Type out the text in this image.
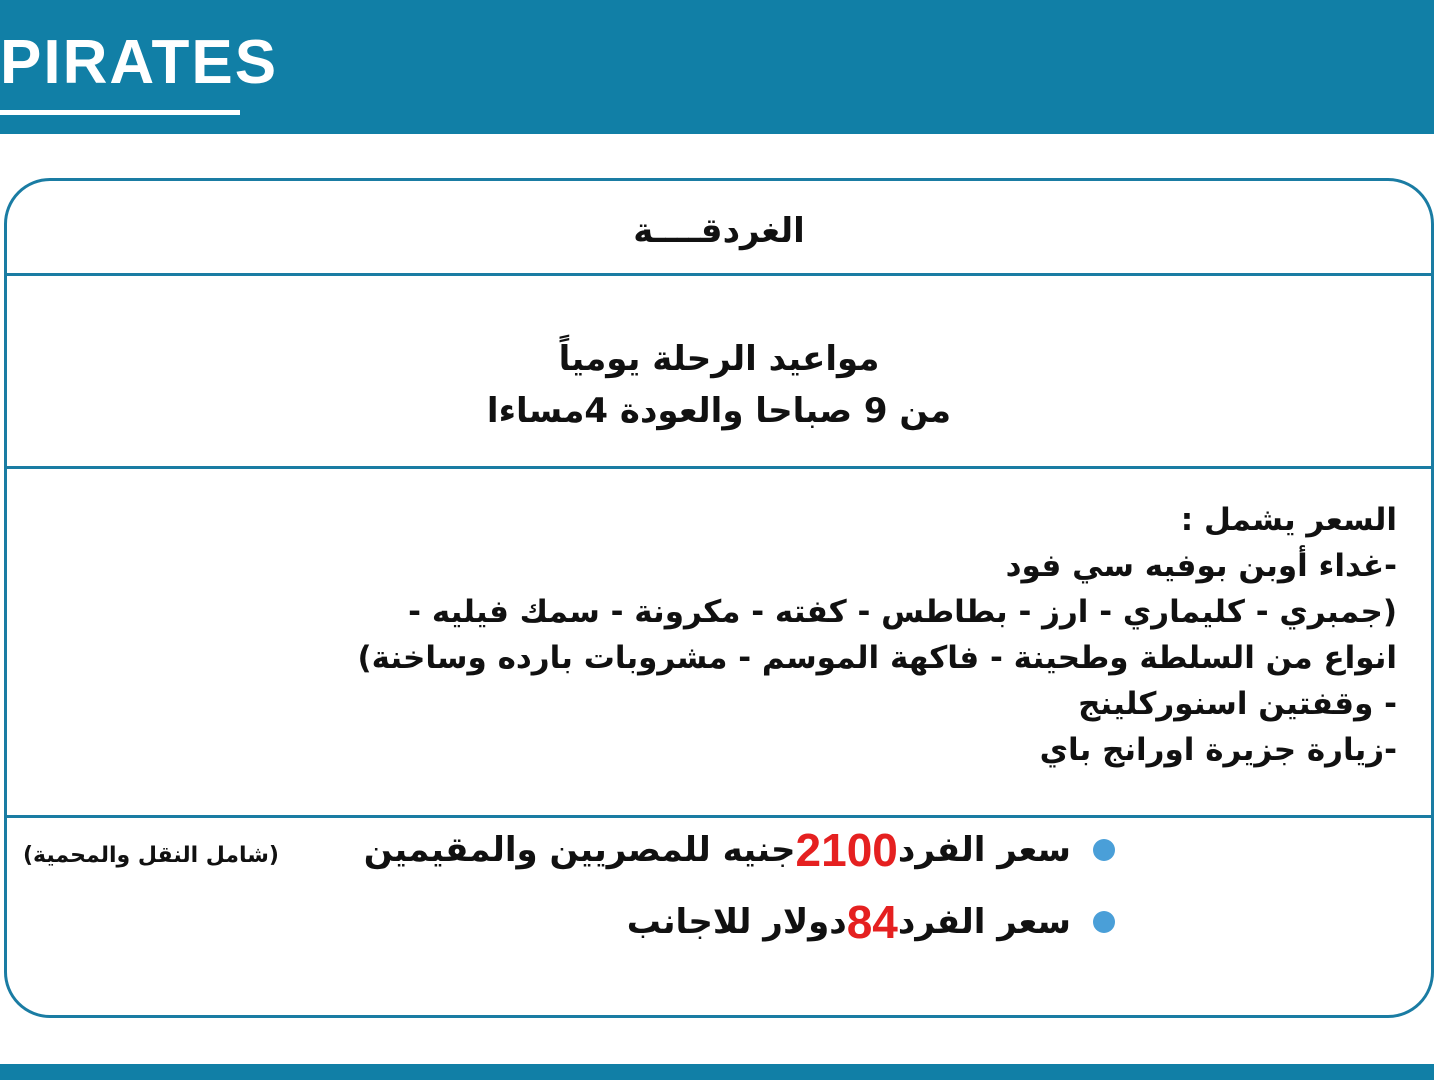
PIRATES
الغردقــــة
مواعيد الرحلة يومياً
من 9 صباحا والعودة 4مساءا
السعر يشمل :
-غداء أوبن بوفيه سي فود
(جمبري - كليماري - ارز - بطاطس - كفته - مكرونة - سمك فيليه -
انواع من السلطة وطحينة - فاكهة الموسم - مشروبات بارده وساخنة)
- وقفتين اسنوركلينج
-زيارة جزيرة اورانج باي
سعر الفرد
2100
جنيه للمصريين والمقيمين
(شامل النقل والمحمية)
سعر الفرد
84
دولار للاجانب
